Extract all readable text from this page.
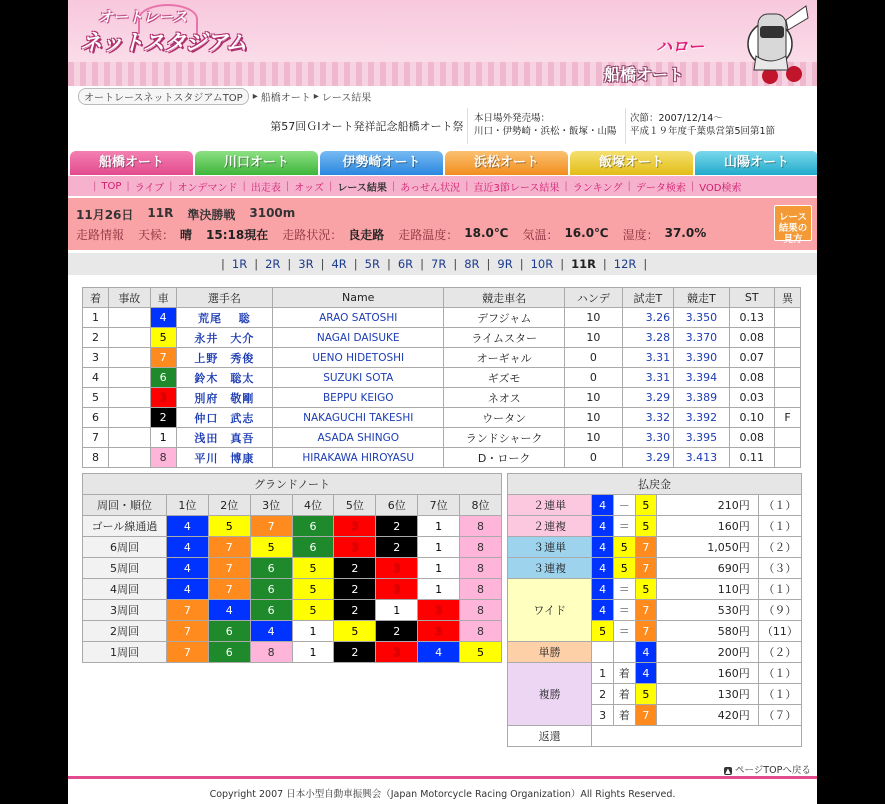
オートレース
ネットスタジアム	ハロー
船橋オート
オートレースネットスタジアムTOP	▸ 船橋オート ▸ レース結果
第57回ＧⅠオート発祥記念船橋オート祭

本日場外発売場：
川口・伊勢崎・浜松・飯塚・山陽
次節：2007/12/14～
平成１９年度千葉県営第5回第1節
船橋オート	川口オート	伊勢崎オート	浜松オート	飯塚オート	山陽オート
| TOP | ライブ | オンデマンド | 出走表 | オッズ | レース結果 | あっせん状況 | 直近3節レース結果 | ランキング | データ検索 | VOD検索
11月26日 11R 準決勝戦 3100m
走路情報 天候： 晴 15:18現在 走路状況： 良走路 走路温度： 18.0℃ 気温： 16.0℃ 湿度： 37.0%
レース結果の見方
| 1R | 2R | 3R | 4R | 5R | 6R | 7R | 8R | 9R | 10R | 11R | 12R |
着	事故	車	選手名	Name	競走車名	ハンデ	試走T	競走T	ST	異
1		4	荒尾　 聡	ARAO SATOSHI	デフジャム	10	3.26	3.350	0.13	
2		5	永井　大介	NAGAI DAISUKE	ライムスター	10	3.28	3.370	0.08	
3		7	上野　秀俊	UENO HIDETOSHI	オーギャル	0	3.31	3.390	0.07	
4		6	鈴木　聡太	SUZUKI SOTA	ギズモ	0	3.31	3.394	0.08	
5		3	別府　敬剛	BEPPU KEIGO	ネオス	10	3.29	3.389	0.03	
6		2	仲口　武志	NAKAGUCHI TAKESHI	ウータン	10	3.32	3.392	0.10	F
7		1	浅田　真吾	ASADA SHINGO	ランドシャーク	10	3.30	3.395	0.08	
8		8	平川　博康	HIRAKAWA HIROYASU	D・ローク	0	3.29	3.413	0.11	
グランドノート								
周回・順位	1位	2位	3位	4位	5位	6位	7位	8位
ゴール線通過	4	5	7	6	3	2	1	8
6周回	4	7	5	6	3	2	1	8
5周回	4	7	6	5	2	3	1	8
4周回	4	7	6	5	2	3	1	8
3周回	7	4	6	5	2	1	3	8
2周回	7	6	4	1	5	2	3	8
1周回	7	6	8	1	2	3	4	5
払戻金					
２連単	4	－	5	210円	（１）
２連複	4	＝	5	160円	（１）
３連単	4	5	7	1,050円	（２）
３連複	4	5	7	690円	（３）
ワイド	4	＝	5	110円	（１）
	4	＝	7	530円	（９）
	5	＝	7	580円	（11）
単勝			4	200円	（２）
複勝	1	着	4	160円	（１）
	2	着	5	130円	（１）
	3	着	7	420円	（７）
返還					
▲ ページTOPへ戻る
Copyright 2007 日本小型自動車振興会（Japan Motorcycle Racing Organization）All Rights Reserved.
